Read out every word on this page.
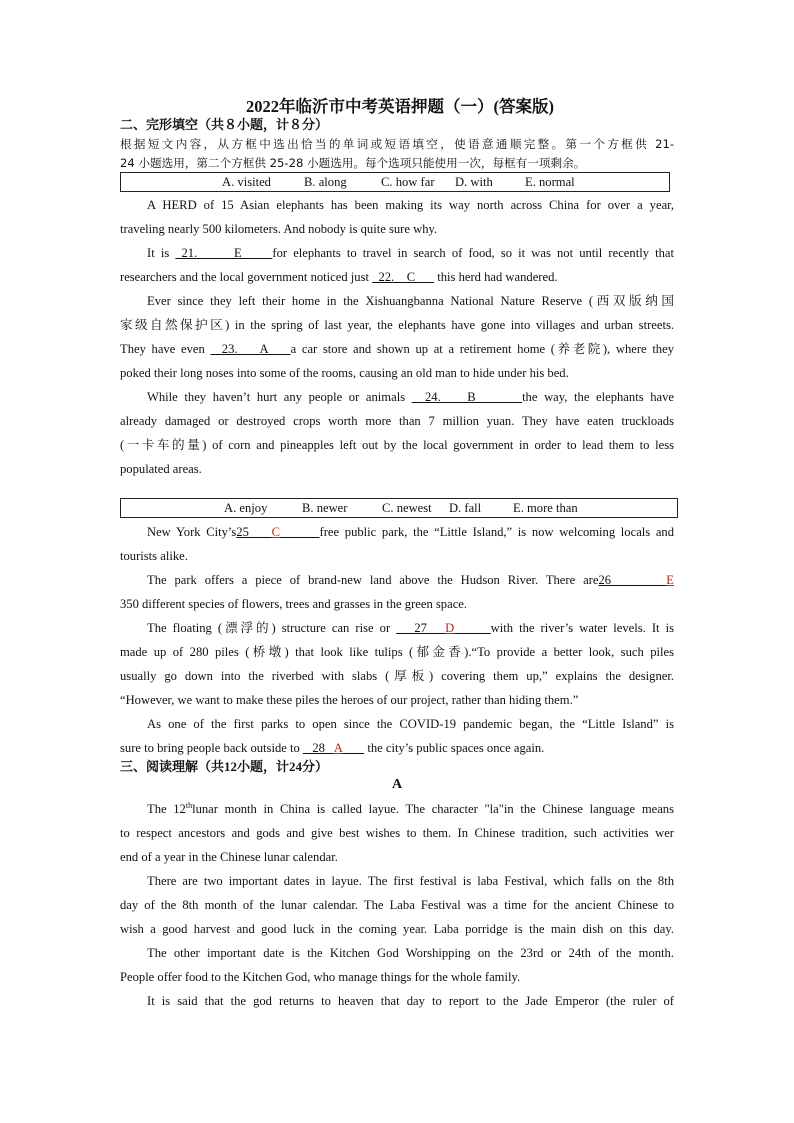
2022年临沂市中考英语押题（一）(答案版)
二、完形填空（共８小题，计８分）
根据短文内容，从方框中选出恰当的单词或短语填空，使语意通顺完整。第一个方框供 21-
24 小题选用，第二个方框供 25-28 小题选用。每个选项只能使用一次，每框有一项剩余。
A HERD of 15 Asian elephants has been making its way north across China for over a year,
traveling nearly 500 kilometers. And nobody is quite sure why.
It is  21.      E     for elephants to travel in search of food, so it was not until recently that
researchers and the local government noticed just   22.    C       this herd had wandered.
Ever since they left their home in the Xishuangbanna National Nature Reserve (西双版纳国
家级自然保护区) in the spring of last year, the elephants have gone into villages and urban streets.
They have even   23.    A    a car store and shown up at a retirement home (养老院), where they
poked their long noses into some of the rooms, causing an old man to hide under his bed.
While they haven’t hurt any people or animals   24.    B       the way, the elephants have
already damaged or destroyed crops worth more than 7 million yuan. They have eaten truckloads
(一卡车的量) of corn and pineapples left out by the local government in order to lead them to less
populated areas.
New York City’s25    C	free public park, the “Little Island,” is now welcoming locals and
tourists alike.
The park offers a piece of brand-new land above the Hudson River. There are26       E
350 different species of flowers, trees and grasses in the green space.
The floating (漂浮的) structure can rise or    27   D	with the river’s water levels. It is
made up of 280 piles (桥墩) that look like tulips (郁金香).“To provide a better look, such piles
usually go down into the riverbed with slabs (厚板) covering them up,” explains the designer.
“However, we want to make these piles the heroes of our project, rather than hiding them.”
As one of the first parks to open since the COVID-19 pandemic began, the “Little Island” is
sure to bring people back outside to    28   A        the city’s public spaces once again.
三、阅读理解（共12小题，计24分）
A
The 12thlunar month in China is called layue. The character "la"in the Chinese language means
to respect ancestors and gods and give best wishes to them. In Chinese tradition, such activities wer
end of a year in the Chinese lunar calendar.
There are two important dates in layue. The first festival is laba Festival, which falls on the 8th
day of the 8th month of the lunar calendar. The Laba Festival was a time for the ancient Chinese to
wish a good harvest and good luck in the coming year. Laba porridge is the main dish on this day.
The other important date is the Kitchen God Worshipping on the 23rd or 24th of the month.
People offer food to the Kitchen God, who manage things for the whole family.
It is said that the god returns to heaven that day to report to the Jade Emperor (the ruler of

A. visited

	B. along

	C. how far

D. with

	E. normal

A. enjoy

	B. newer

	C. newest

D. fall

	E. more than
